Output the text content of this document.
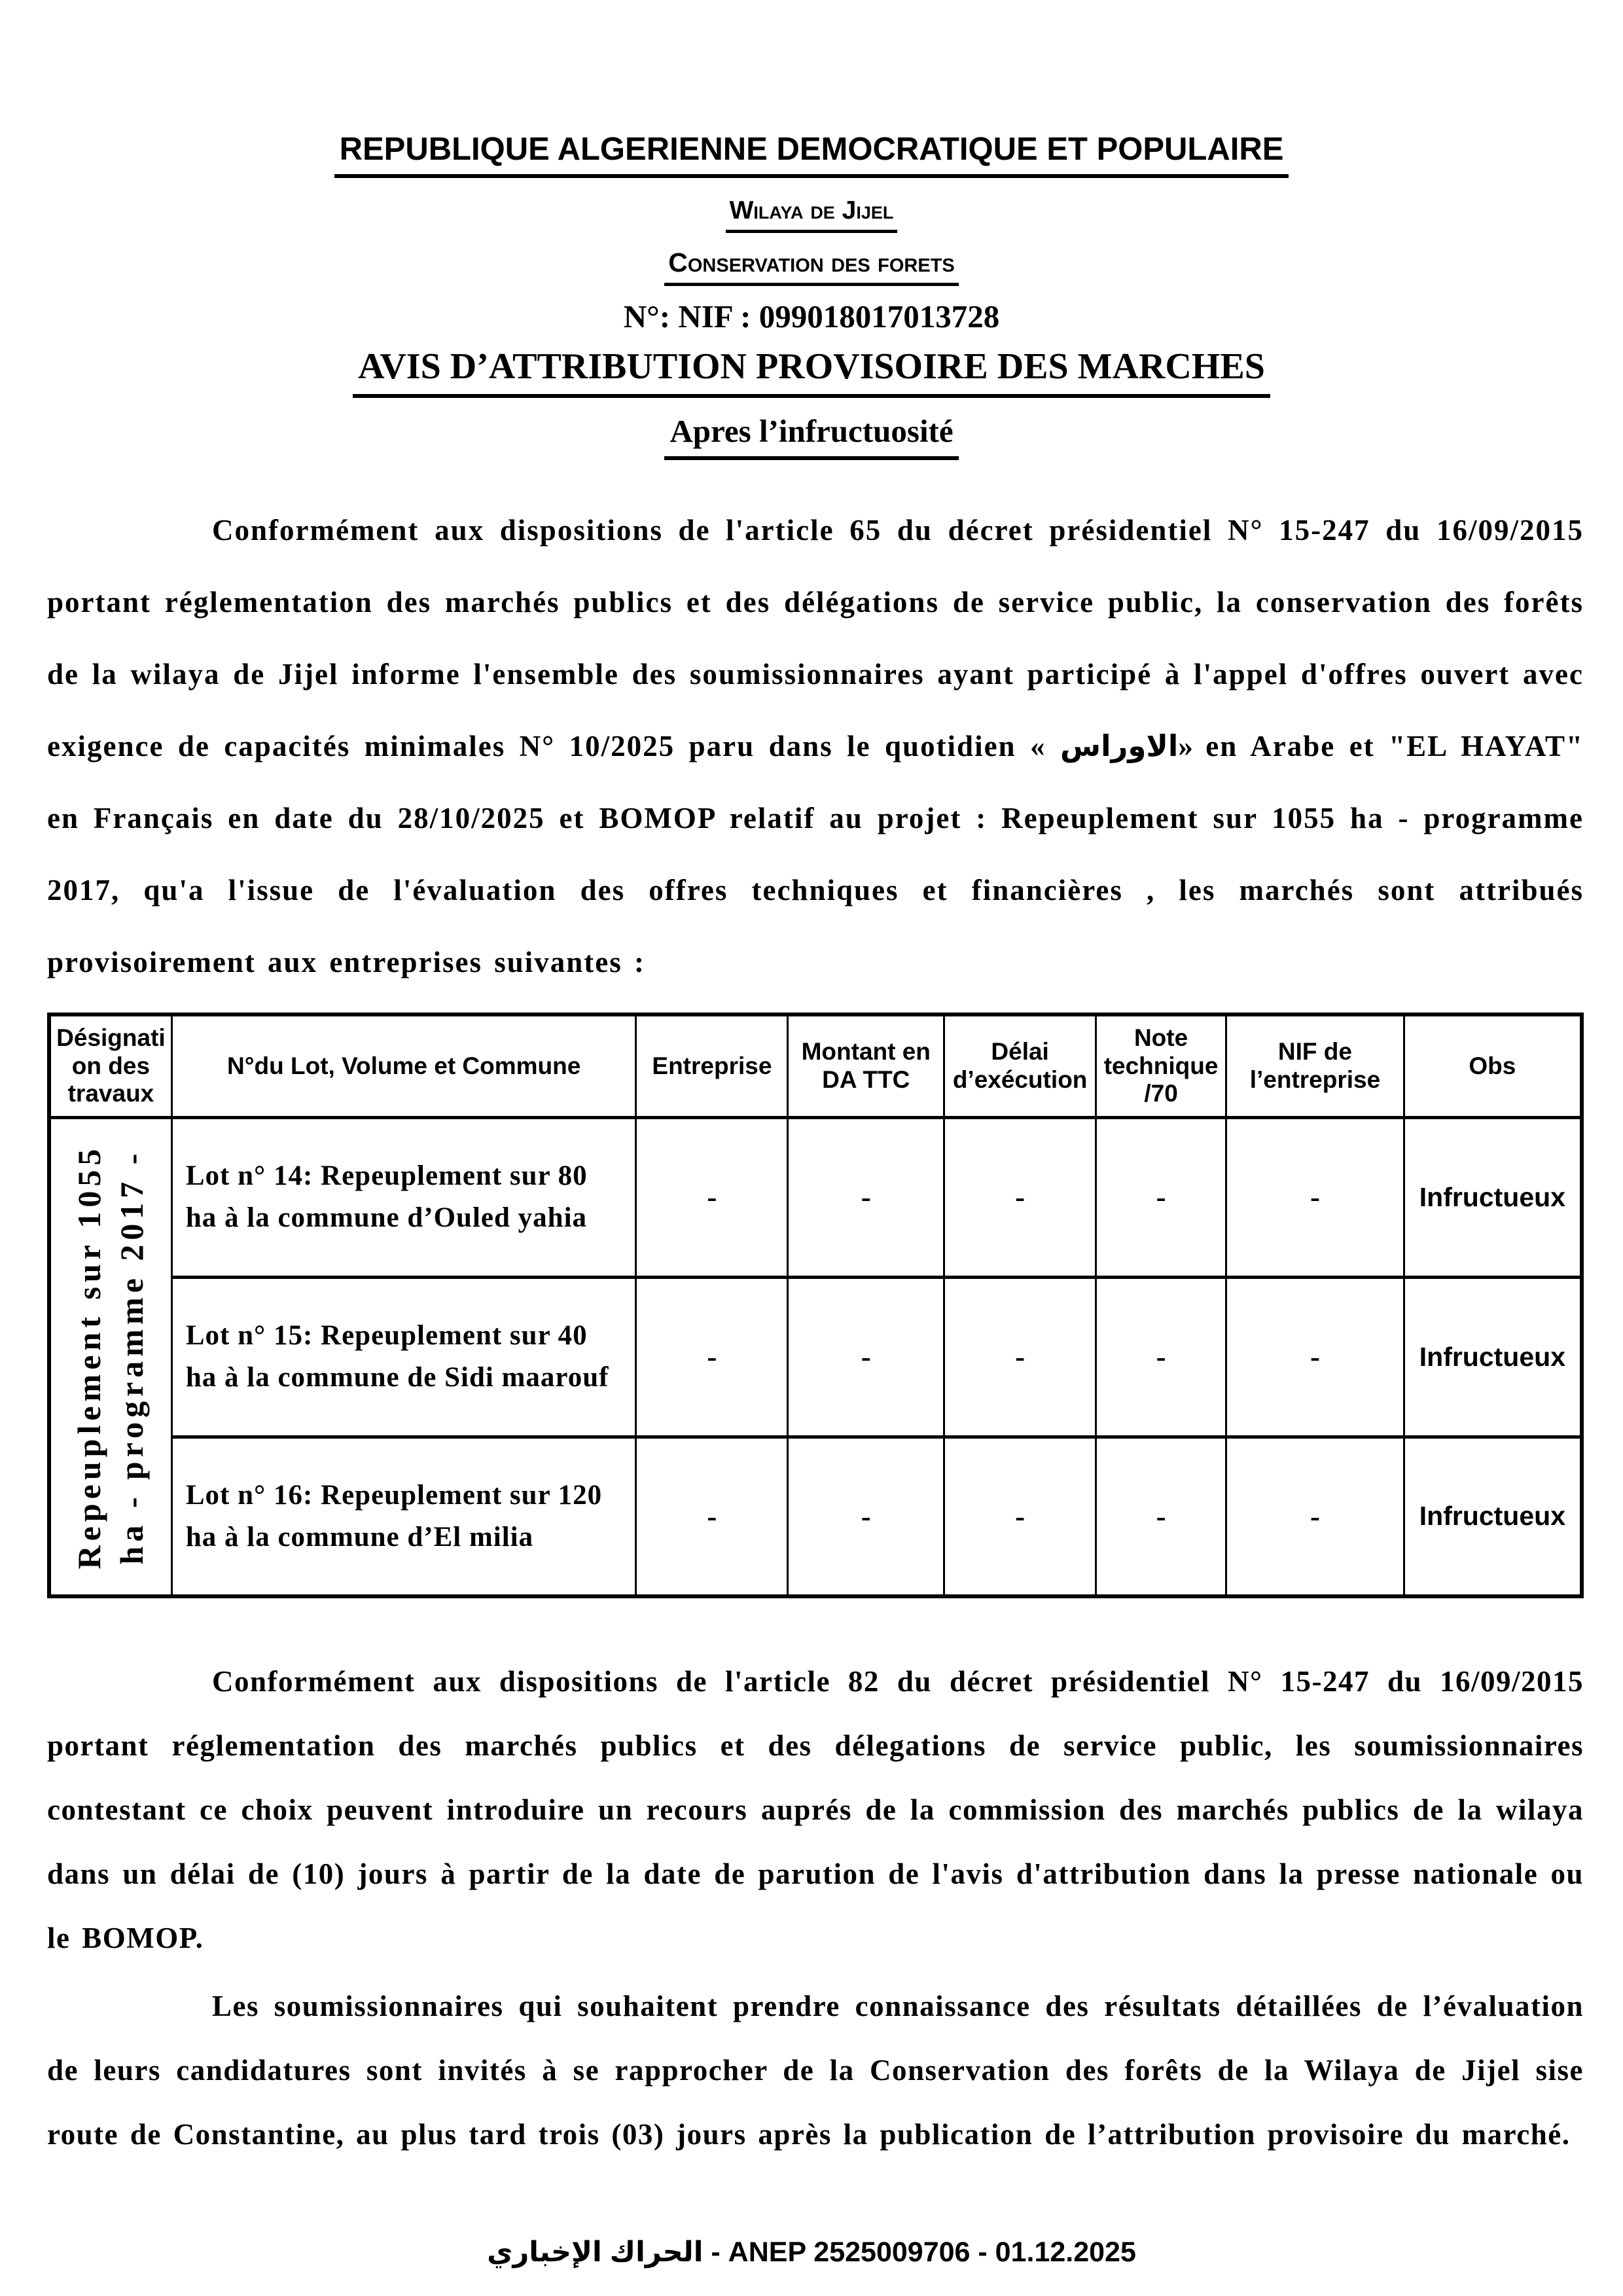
REPUBLIQUE ALGERIENNE DEMOCRATIQUE ET POPULAIRE
Wilaya de Jijel
Conservation des forets
N°: NIF : 099018017013728
AVIS D’ATTRIBUTION PROVISOIRE DES MARCHES
Apres l’infructuosité

Conformément aux dispositions de l'article 65 du décret présidentiel N° 15-247 du 16/09/2015 portant réglementation des marchés publics et des délégations de service public, la conservation des forêts de la wilaya de Jijel informe l'ensemble des soumissionnaires ayant participé à l'appel d'offres ouvert avec exigence de capacités minimales N° 10/2025 paru dans le quotidien « الاوراس» en Arabe et "EL HAYAT" en Français en date du 28/10/2025 et BOMOP relatif au projet : Repeuplement sur 1055 ha - programme 2017, qu'a l'issue de l'évaluation des offres techniques et financières , les marchés sont attribués provisoirement aux entreprises suivantes :

Désignation des travaux	N°du Lot, Volume et Commune	Entreprise	Montant en DA TTC	Délai d’exécution	Note technique /70	NIF de l’entreprise	Obs

Repeuplement sur 1055 ha - programme 2017 -	Lot n° 14: Repeuplement sur 80 ha à la commune d’Ouled yahia	-	-	-	-	-	Infructueux
	Lot n° 15: Repeuplement sur 40 ha à la commune de Sidi maarouf	-	-	-	-	-	Infructueux
	Lot n° 16: Repeuplement sur 120 ha à la commune d’El milia	-	-	-	-	-	Infructueux

Conformément aux dispositions de l'article 82 du décret présidentiel N° 15-247 du 16/09/2015 portant réglementation des marchés publics et des délegations de service public, les soumissionnaires contestant ce choix peuvent introduire un recours auprés de la commission des marchés publics de la wilaya dans un délai de (10) jours à partir de la date de parution de l'avis d'attribution dans la presse nationale ou le BOMOP.

Les soumissionnaires qui souhaitent prendre connaissance des résultats détaillées de l’évaluation de leurs candidatures sont invités à se rapprocher de la Conservation des forêts de la Wilaya de Jijel sise route de Constantine, au plus tard trois (03) jours après la publication de l’attribution provisoire du marché.

الحراك الإخباري - ANEP 2525009706 - 01.12.2025
